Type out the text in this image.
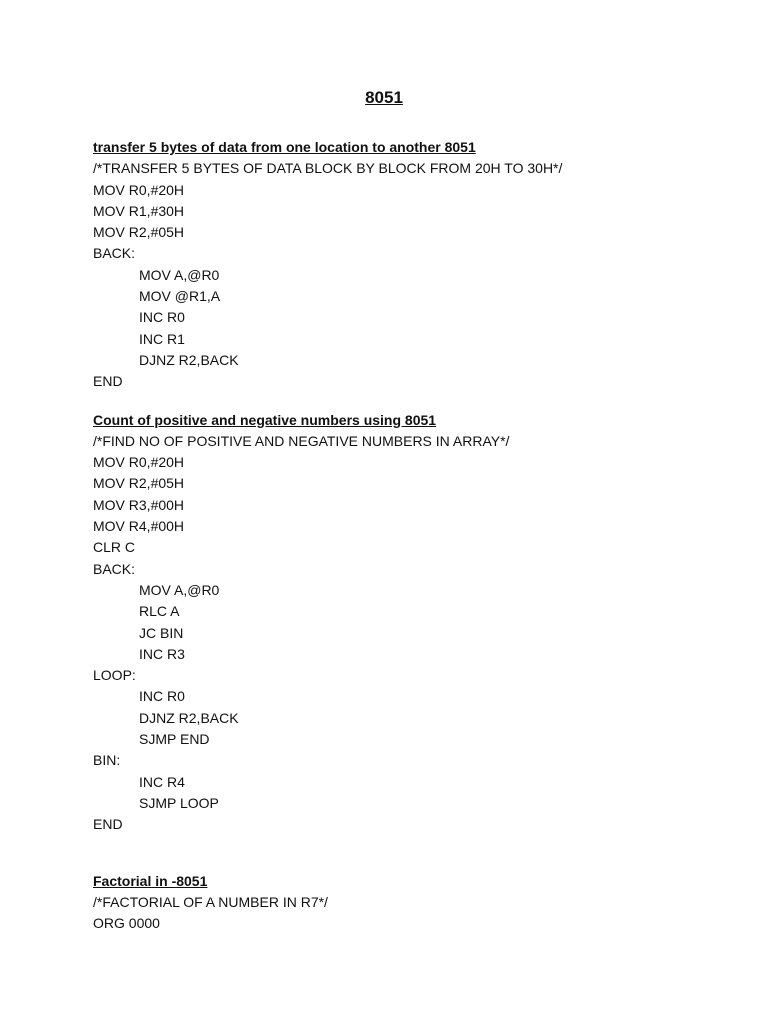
8051
transfer 5 bytes of data from one location to another 8051
/*TRANSFER 5 BYTES OF DATA BLOCK BY BLOCK FROM 20H TO 30H*/
MOV R0,#20H
MOV R1,#30H
MOV R2,#05H
BACK:
MOV A,@R0
MOV @R1,A
INC R0
INC R1
DJNZ R2,BACK
END
Count of positive and negative numbers using 8051
/*FIND NO OF POSITIVE AND NEGATIVE NUMBERS IN ARRAY*/
MOV R0,#20H
MOV R2,#05H
MOV R3,#00H
MOV R4,#00H
CLR C
BACK:
MOV A,@R0
RLC A
JC BIN
INC R3
LOOP:
INC R0
DJNZ R2,BACK
SJMP END
BIN:
INC R4
SJMP LOOP
END
Factorial in -8051
/*FACTORIAL OF A NUMBER IN R7*/
ORG 0000
